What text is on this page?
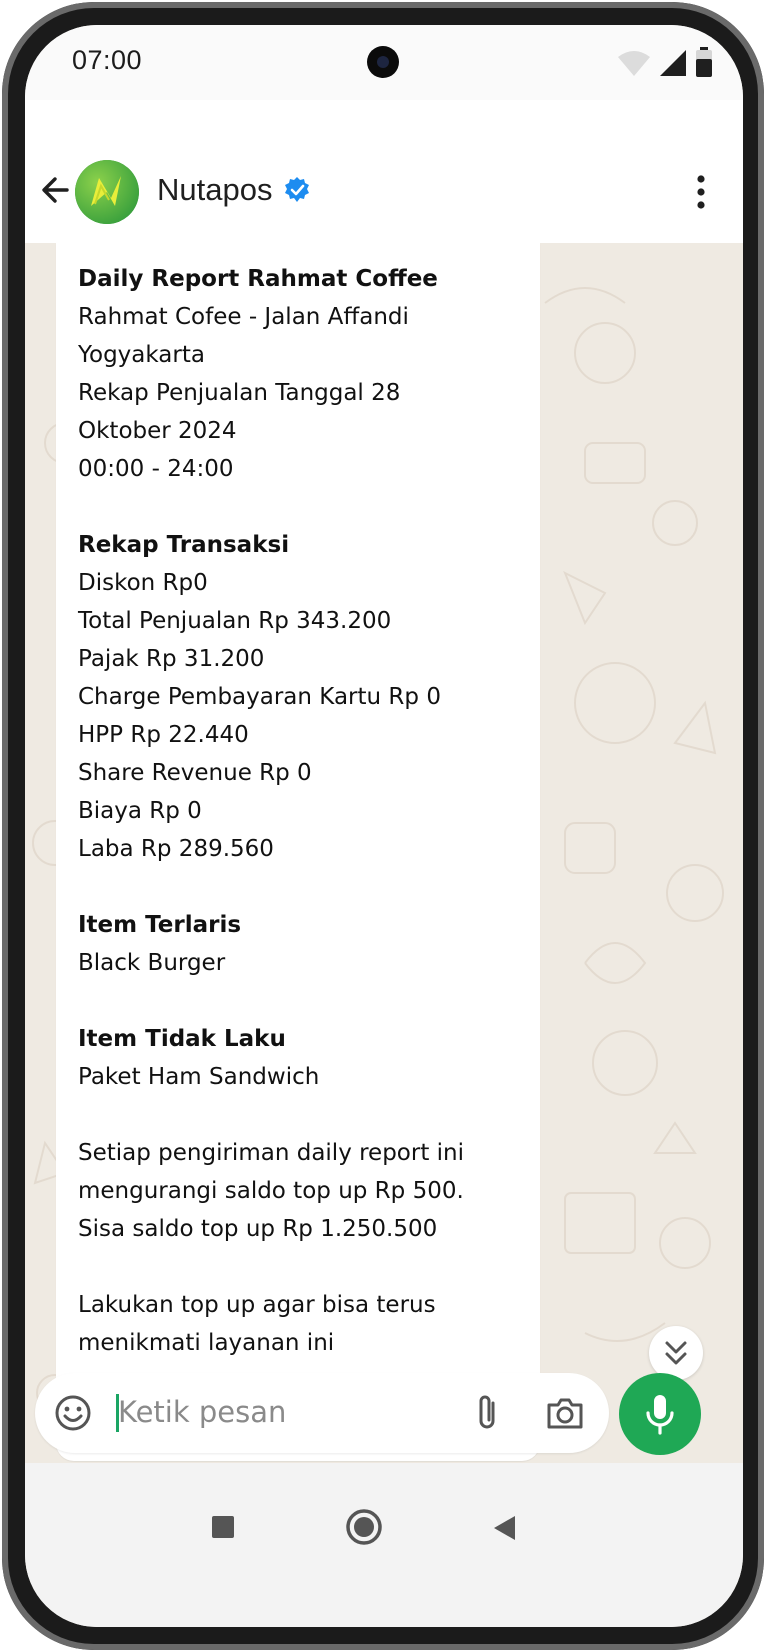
07:00
Nutapos
Daily Report Rahmat Coffee
Rahmat Cofee - Jalan Affandi
Yogyakarta
Rekap Penjualan Tanggal 28
Oktober 2024
00:00 - 24:00
Rekap Transaksi
Diskon Rp0
Total Penjualan Rp 343.200
Pajak Rp 31.200
Charge Pembayaran Kartu Rp 0
HPP Rp 22.440
Share Revenue Rp 0
Biaya Rp 0
Laba Rp 289.560
Item Terlaris
Black Burger
Item Tidak Laku
Paket Ham Sandwich
Setiap pengiriman daily report ini
mengurangi saldo top up Rp 500.
Sisa saldo top up Rp 1.250.500
Lakukan top up agar bisa terus
menikmati layanan ini
Ketik pesan
